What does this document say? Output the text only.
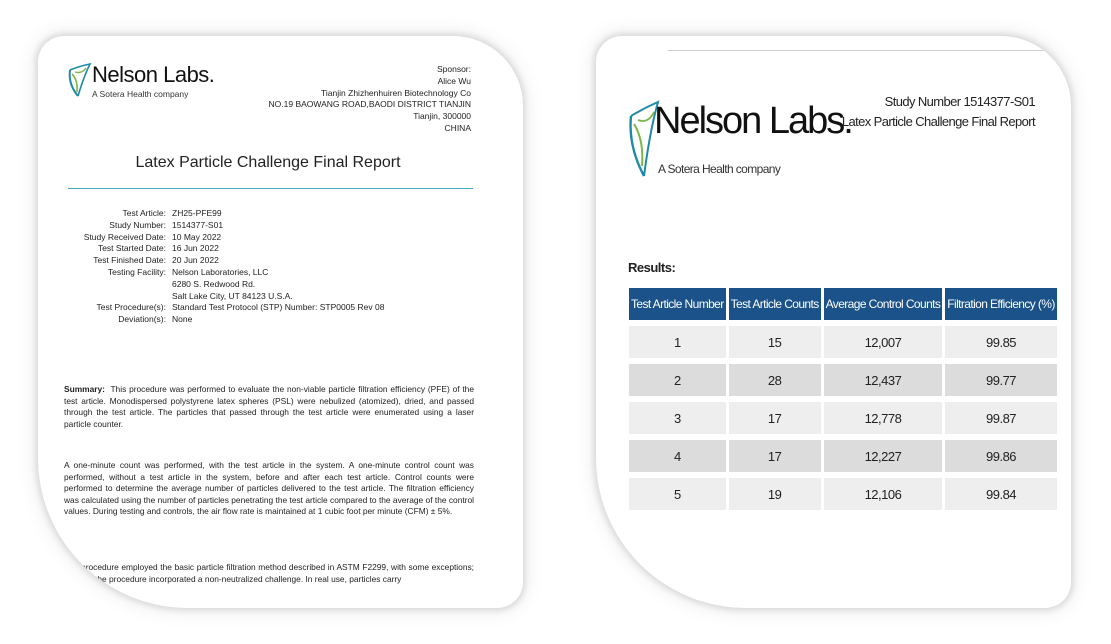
Nelson Labs.
A Sotera Health company
Sponsor:
Alice Wu
Tianjin Zhizhenhuiren Biotechnology Co
NO.19 BAOWANG ROAD,BAODI DISTRICT TIANJIN
Tianjin, 300000
CHINA
Latex Particle Challenge Final Report
Test Article: ZH25-PFE99
Study Number: 1514377-S01
Study Received Date: 10 May 2022
Test Started Date: 16 Jun 2022
Test Finished Date: 20 Jun 2022
Testing Facility: Nelson Laboratories, LLC
6280 S. Redwood Rd.
Salt Lake City, UT 84123 U.S.A.
Test Procedure(s): Standard Test Protocol (STP) Number: STP0005 Rev 08
Deviation(s): None
Summary: This procedure was performed to evaluate the non-viable particle filtration efficiency (PFE) of the test article. Monodispersed polystyrene latex spheres (PSL) were nebulized (atomized), dried, and passed through the test article. The particles that passed through the test article were enumerated using a laser particle counter.
A one-minute count was performed, with the test article in the system. A one-minute control count was performed, without a test article in the system, before and after each test article. Control counts were performed to determine the average number of particles delivered to the test article. The filtration efficiency was calculated using the number of particles penetrating the test article compared to the average of the control values. During testing and controls, the air flow rate is maintained at 1 cubic foot per minute (CFM) ± 5%.
The procedure employed the basic particle filtration method described in ASTM F2299, with some exceptions; notably, the procedure incorporated a non-neutralized challenge. In real use, particles carry
Nelson Labs.
A Sotera Health company
Study Number 1514377-S01
Latex Particle Challenge Final Report
Results:
Test Article Number	Test Article Counts	Average Control Counts	Filtration Efficiency (%)

1	15	12,007	99.85

2	28	12,437	99.77

3	17	12,778	99.87

4	17	12,227	99.86

5	19	12,106	99.84
